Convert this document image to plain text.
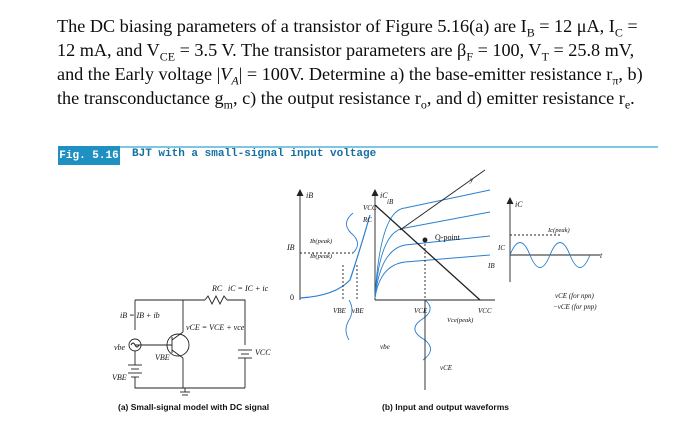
The DC biasing parameters of a transistor of Figure 5.16(a) are $I_B = 12$ μA, $I_C = 12$ mA, and $V_{CE} = 3.5$ V. The transistor parameters are $\beta_F = 100$, $V_T = 25.8$ mV, and the Early voltage $|V_A| = 100V$. Determine a) the base-emitter resistance $r_\pi$, b) the transconductance $g_m$, c) the output resistance $r_o$, and d) emitter resistance $r_e$.
Fig. 5.16 BJT with a small-signal input voltage
RC iC = IC + ic
iB = IB + ib
vCE = VCE + vce
VCC
vbe
VBE
VBE
iB
IB
Ib(peak)
Ib(peak)
0
VBE vBE
vbe
iC
VCC
RC
iB
Q-point
VCE	VCC
Vce(peak)
vCE
IB
y
iC
IC
Ic(peak)
t
vCE (for npn)
−vCE (for pnp)
(a) Small-signal model with DC signal	(b) Input and output waveforms
